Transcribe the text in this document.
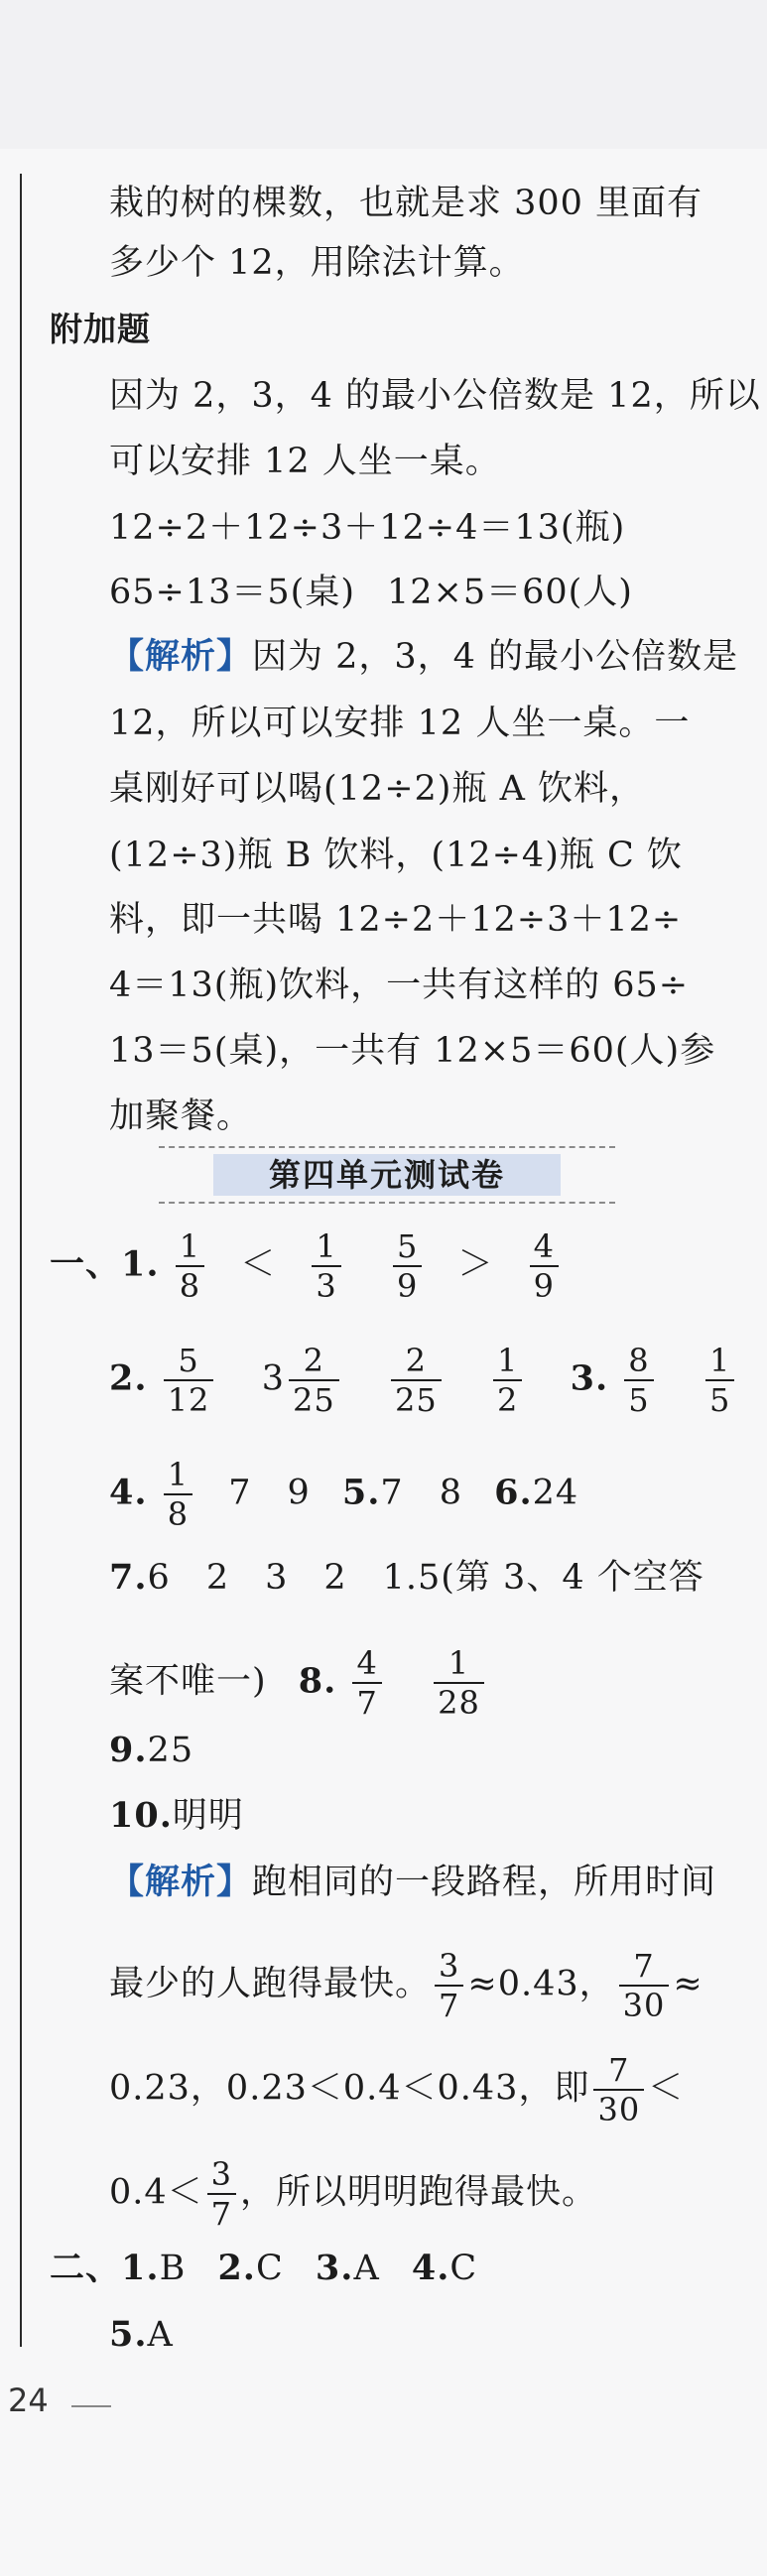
栽的树的棵数，也就是求 300 里面有
多少个 12，用除法计算。
附加题
因为 2，3，4 的最小公倍数是 12，所以
可以安排 12 人坐一桌。
12÷2＋12÷3＋12÷4＝13(瓶)
65÷13＝5(桌) 12×5＝60(人)
【解析】因为 2，3，4 的最小公倍数是
12，所以可以安排 12 人坐一桌。一
桌刚好可以喝(12÷2)瓶 A 饮料，
(12÷3)瓶 B 饮料，(12÷4)瓶 C 饮
料，即一共喝 12÷2＋12÷3＋12÷
4＝13(瓶)饮料，一共有这样的 65÷
13＝5(桌)，一共有 12×5＝60(人)参
加聚餐。
第四单元测试卷
一、1. $\frac{1}{8} < \frac{1}{3}$
$\frac{5}{9} > \frac{4}{9}$
2. $\frac{5}{12} 3 \frac{2}{25}$
$\frac{2}{25}$
$\frac{1}{2} 3$. $\frac{8}{5}$
$\frac{1}{5}$
4. $\frac{1}{8} 7$　9 5.7　8 6.24
7.6　2　3　2　1.5(第 3、4 个空答
案不唯一) 8. $\frac{4}{7}$
$\frac{1}{28}$
9.25
10.明明
【解析】跑相同的一段路程，所用时间
最少的人跑得最快。 $\frac{3}{7} \approx 0.43$， $\frac{7}{30}$ ≈
0.23，0.23＜0.4＜0.43，即 $\frac{7}{30}$ ＜
$0.4< \frac{3}{7}$ ，所以明明跑得最快。
二、1.B 2.C 3.A 4.C
5.A
24
